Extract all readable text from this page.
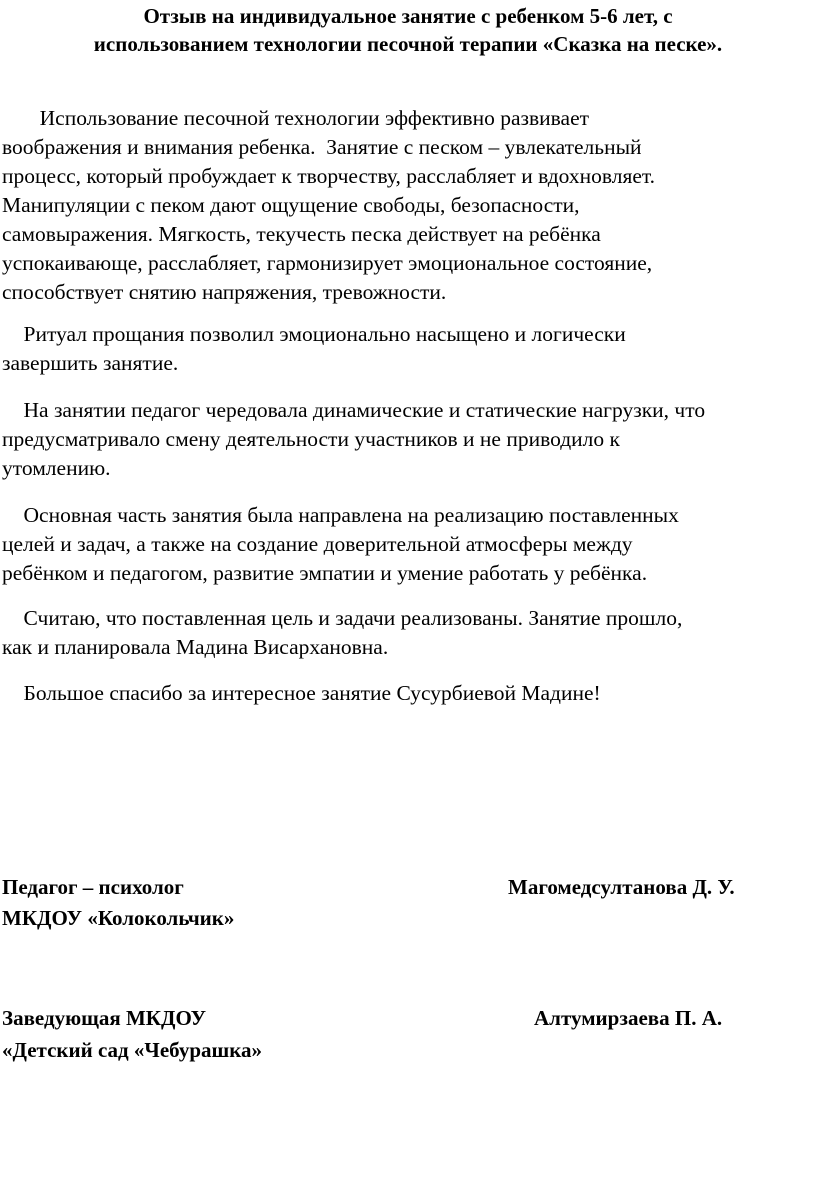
Отзыв на индивидуальное занятие с ребенком 5-6 лет, с
использованием технологии песочной терапии «Сказка на песке».
Использование песочной технологии эффективно развивает
воображения и внимания ребенка.  Занятие с песком – увлекательный
процесс, который пробуждает к творчеству, расслабляет и вдохновляет.
Манипуляции с пеком дают ощущение свободы, безопасности,
самовыражения. Мягкость, текучесть песка действует на ребёнка
успокаивающе, расслабляет, гармонизирует эмоциональное состояние,
способствует снятию напряжения, тревожности.
Ритуал прощания позволил эмоционально насыщено и логически
завершить занятие.
На занятии педагог чередовала динамические и статические нагрузки, что
предусматривало смену деятельности участников и не приводило к
утомлению.
Основная часть занятия была направлена на реализацию поставленных
целей и задач, а также на создание доверительной атмосферы между
ребёнком и педагогом, развитие эмпатии и умение работать у ребёнка.
Считаю, что поставленная цель и задачи реализованы. Занятие прошло,
как и планировала Мадина Висархановна.
Большое спасибо за интересное занятие Сусурбиевой Мадине!
Педагог – психолог	Магомедсултанова Д. У.
МКДОУ «Колокольчик»
Заведующая МКДОУ	Алтумирзаева П. А.
«Детский сад «Чебурашка»
